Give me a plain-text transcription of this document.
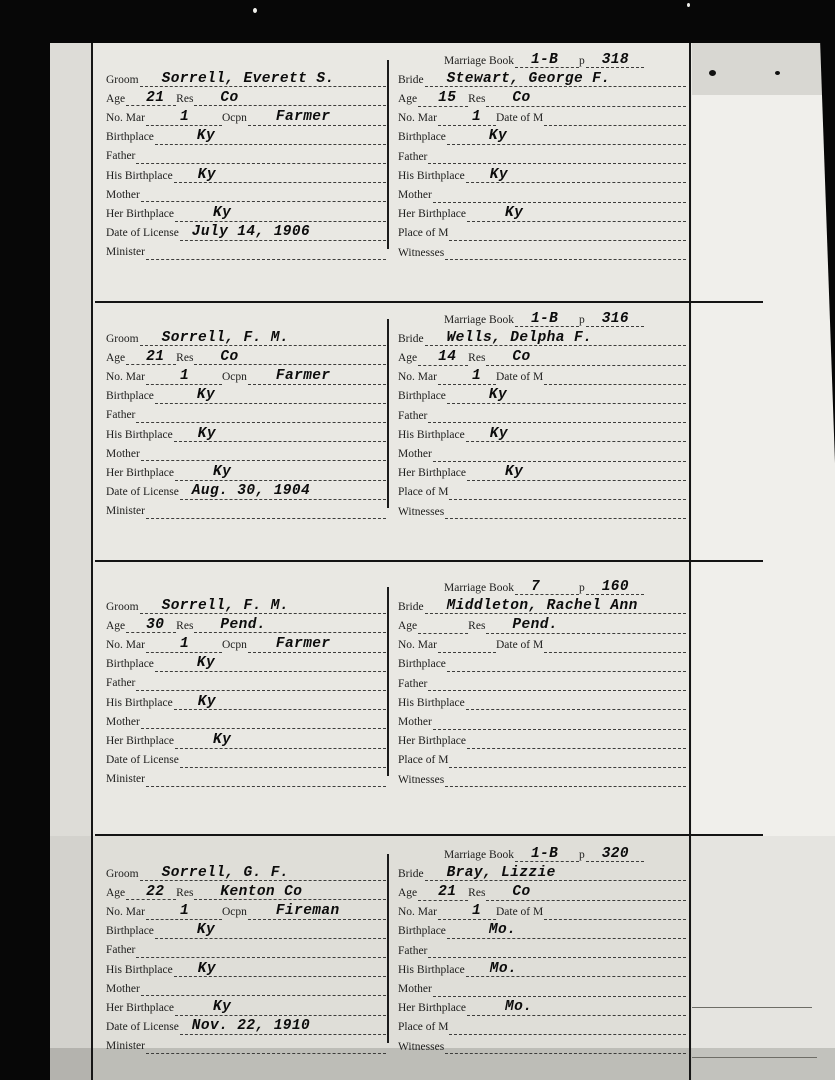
Groom Sorrell, Everett S.
Age 21 Res Co
No. Mar 1	Ocpn Farmer
Birthplace	Ky
Father
His Birthplace Ky
Mother
Her Birthplace	Ky
Date of License July 14, 1906
Minister
Marriage Book 1-B p 318
Bride Stewart, George F.
Age 15 Res Co
No. Mar 1 Date of M
Birthplace	Ky
Father
His Birthplace Ky
Mother
Her Birthplace	Ky
Place of M
Witnesses
Groom Sorrell, F. M.
Age 21 Res Co
No. Mar 1	Ocpn Farmer
Birthplace	Ky
Father
His Birthplace Ky
Mother
Her Birthplace	Ky
Date of License Aug. 30, 1904
Minister
Marriage Book 1-B p 316
Bride Wells, Delpha F.
Age 14 Res Co
No. Mar 1 Date of M
Birthplace	Ky
Father
His Birthplace Ky
Mother
Her Birthplace	Ky
Place of M
Witnesses
Groom Sorrell, F. M.
Age 30 Res Pend.
No. Mar 1	Ocpn Farmer
Birthplace	Ky
Father
His Birthplace Ky
Mother
Her Birthplace	Ky
Date of License
Minister
Marriage Book 7	p 160
Bride Middleton, Rachel Ann
Age	Res Pend.
No. Mar	Date of M
Birthplace
Father
His Birthplace
Mother
Her Birthplace
Place of M
Witnesses
Groom Sorrell, G. F.
Age 22 Res Kenton Co
No. Mar 1	Ocpn Fireman
Birthplace	Ky
Father
His Birthplace Ky
Mother
Her Birthplace	Ky
Date of License Nov. 22, 1910
Minister
Marriage Book 1-B p 320
Bride Bray, Lizzie
Age 21 Res Co
No. Mar 1 Date of M
Birthplace	Mo.
Father
His Birthplace Mo.
Mother
Her Birthplace	Mo.
Place of M
Witnesses
